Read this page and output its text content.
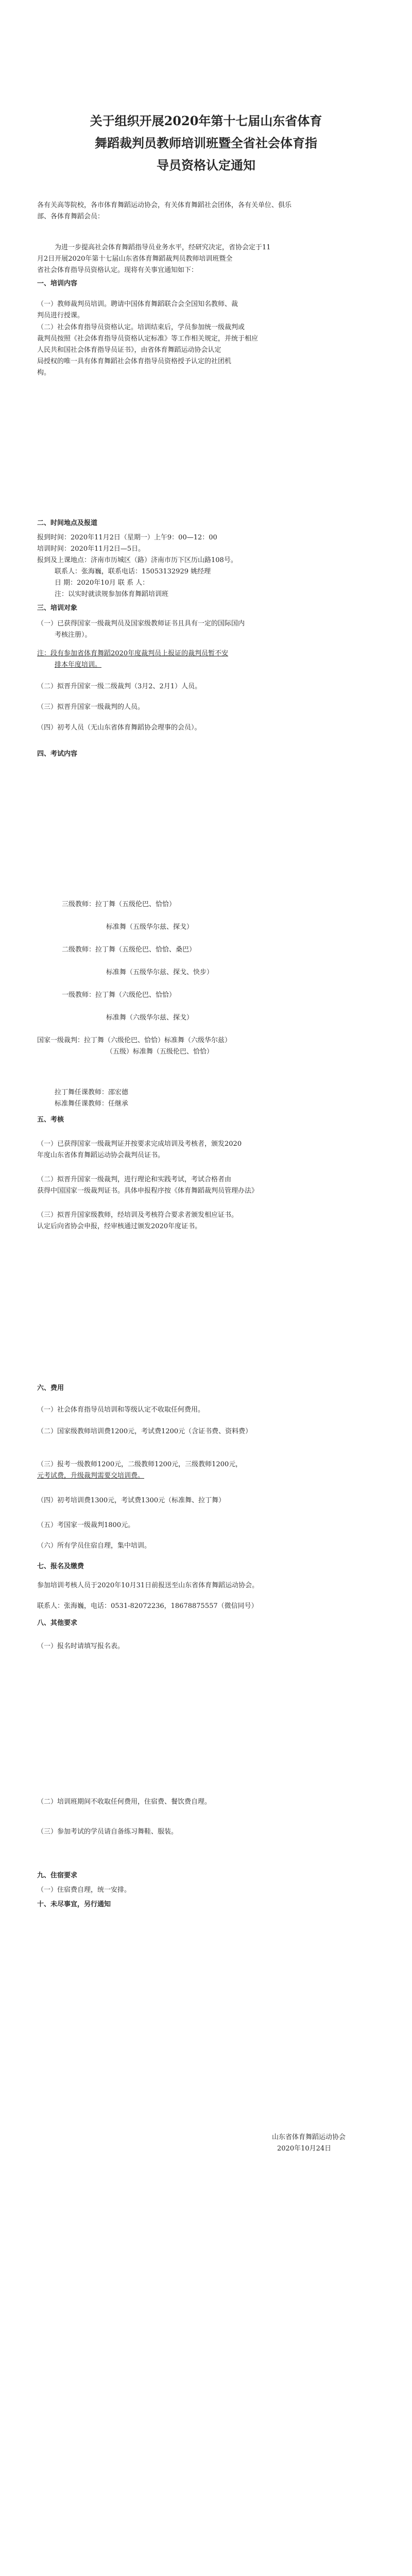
关于组织开展2020年第十七届山东省体育
舞蹈裁判员教师培训班暨全省社会体育指
导员资格认定通知
各有关高等院校，各市体育舞蹈运动协会，有关体育舞蹈社会团体，各有关单位、俱乐
部、各体育舞蹈会员：
为进一步提高社会体育舞蹈指导员业务水平，经研究决定，省协会定于11
月2日开展2020年第十七届山东省体育舞蹈裁判员教师培训班暨全
省社会体育指导员资格认定。现将有关事宜通知如下：
一、培训内容
（一）教师裁判员培训。聘请中国体育舞蹈联合会全国知名教师、裁
判员进行授课。
（二）社会体育指导员资格认定。培训结束后，学员参加统一级裁判或
裁判员按照《社会体育指导员资格认定标准》等工作相关规定，并统于相应
人民共和国社会体育指导员证书》，由省体育舞蹈运动协会认定
局授权的唯一具有体育舞蹈社会体育指导员资格授予认定的社团机
构。
二、时间地点及报道
报到时间：2020年11月2日（星期一）上午9：00—12：00
培训时间：2020年11月2日—5日。
报到及上课地点：济南市历城区（路）济南市历下区历山路108号。
联系人：张海巍，联系电话：15053132929 姚经理
日 期：2020年10月 联 系 人：
注：以实时就读规参加体育舞蹈培训班
三、培训对象
（一）已获得国家一级裁判员及国家级教师证书且具有一定的国际国内
考核注册）。
注：段有参加省体育舞蹈2020年度裁判员上报证的裁判员暂不安
排本年度培训。
（二）拟晋升国家一级二级裁判（3月2、2月1）人员。
（三）拟晋升国家一级裁判的人员。
（四）初考人员（无山东省体育舞蹈协会理事的会员）。
四、考试内容
三级教师：拉丁舞（五级伦巴、恰恰）
标准舞（五级华尔兹、探戈）
二级教师：拉丁舞（五级伦巴、恰恰、桑巴）
标准舞（五级华尔兹、探戈、快步）
一级教师：拉丁舞（六级伦巴、恰恰）
标准舞（六级华尔兹、探戈）
国家一级裁判：拉丁舞（六级伦巴、恰恰）标准舞（六级华尔兹）
（五级）标准舞（五级伦巴、恰恰）
拉丁舞任课教师：邵宏德
标准舞任课教师：任继承
五、考核
（一）已获得国家一级裁判证并按要求完成培训及考核者，颁发2020
年度山东省体育舞蹈运动协会裁判员证书。
（二）拟晋升国家一级裁判，进行理论和实践考试，考试合格者由
获得中国国家一级裁判证书。具体申报程序按《体育舞蹈裁判员管理办法》
（三）拟晋升国家级教师，经培训及考核符合要求者颁发相应证书。
认定后向省协会申报，经审核通过颁发2020年度证书。
六、费用
（一）社会体育指导员培训和等级认定不收取任何费用。
（二）国家级教师培训费1200元，考试费1200元（含证书费、资料费）
（三）报考一级教师1200元，二级教师1200元，三级教师1200元，
元考试费，升级裁判需要交培训费。
（四）初考培训费1300元，考试费1300元（标准舞、拉丁舞）
（五）考国家一级裁判1800元。
（六）所有学员住宿自理，集中培训。
七、报名及缴费
参加培训考核人员于2020年10月31日前报送至山东省体育舞蹈运动协会。
联系人：张海巍，电话：0531-82072236，18678875557（微信同号）
八、其他要求
（一）报名时请填写报名表。
（二）培训班期间不收取任何费用，住宿费、餐饮费自理。
（三）参加考试的学员请自备练习舞鞋、服装。
九、住宿要求
（一）住宿费自理，统一安排。
十、未尽事宜，另行通知
山东省体育舞蹈运动协会
2020年10月24日
